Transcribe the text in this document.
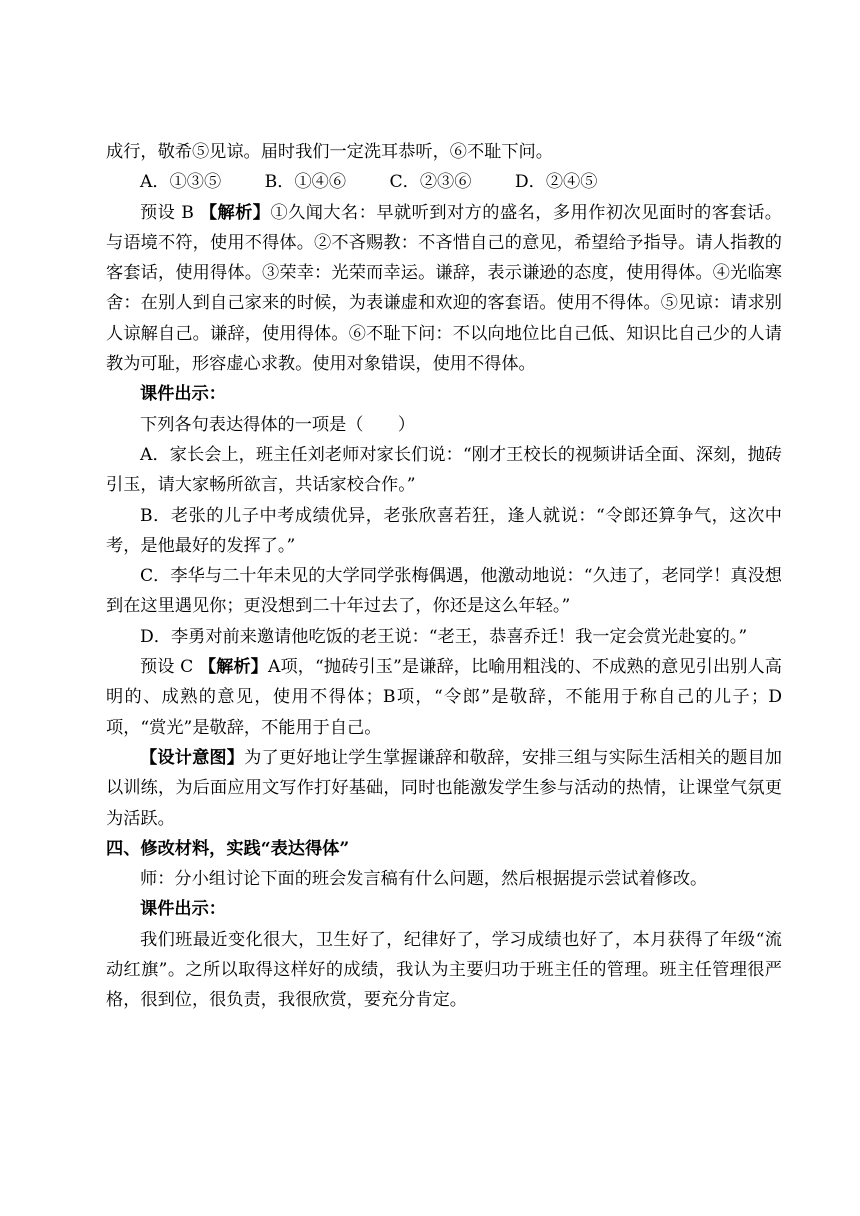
成行，敬希⑤见谅。届时我们一定洗耳恭听，⑥不耻下问。

A．①③⑤	B．①④⑥	C．②③⑥	D．②④⑤

预设 B 【解析】①久闻大名：早就听到对方的盛名，多用作初次见面时的客套话。与语境不符，使用不得体。②不吝赐教：不吝惜自己的意见，希望给予指导。请人指教的客套话，使用得体。③荣幸：光荣而幸运。谦辞，表示谦逊的态度，使用得体。④光临寒舍：在别人到自己家来的时候，为表谦虚和欢迎的客套语。使用不得体。⑤见谅：请求别人谅解自己。谦辞，使用得体。⑥不耻下问：不以向地位比自己低、知识比自己少的人请教为可耻，形容虚心求教。使用对象错误，使用不得体。

课件出示：

下列各句表达得体的一项是（　　）

A．家长会上，班主任刘老师对家长们说：“刚才王校长的视频讲话全面、深刻，抛砖引玉，请大家畅所欲言，共话家校合作。”

B．老张的儿子中考成绩优异，老张欣喜若狂，逢人就说：“令郎还算争气，这次中考，是他最好的发挥了。”

C．李华与二十年未见的大学同学张梅偶遇，他激动地说：“久违了，老同学！真没想到在这里遇见你；更没想到二十年过去了，你还是这么年轻。”

D．李勇对前来邀请他吃饭的老王说：“老王，恭喜乔迁！我一定会赏光赴宴的。”

预设 C 【解析】A项，“抛砖引玉”是谦辞，比喻用粗浅的、不成熟的意见引出别人高明的、成熟的意见，使用不得体；B项，“令郎”是敬辞，不能用于称自己的儿子；D项，“赏光”是敬辞，不能用于自己。

【设计意图】为了更好地让学生掌握谦辞和敬辞，安排三组与实际生活相关的题目加以训练，为后面应用文写作打好基础，同时也能激发学生参与活动的热情，让课堂气氛更为活跃。

四、修改材料，实践“表达得体”

师：分小组讨论下面的班会发言稿有什么问题，然后根据提示尝试着修改。

课件出示：

我们班最近变化很大，卫生好了，纪律好了，学习成绩也好了，本月获得了年级“流动红旗”。之所以取得这样好的成绩，我认为主要归功于班主任的管理。班主任管理很严格，很到位，很负责，我很欣赏，要充分肯定。
